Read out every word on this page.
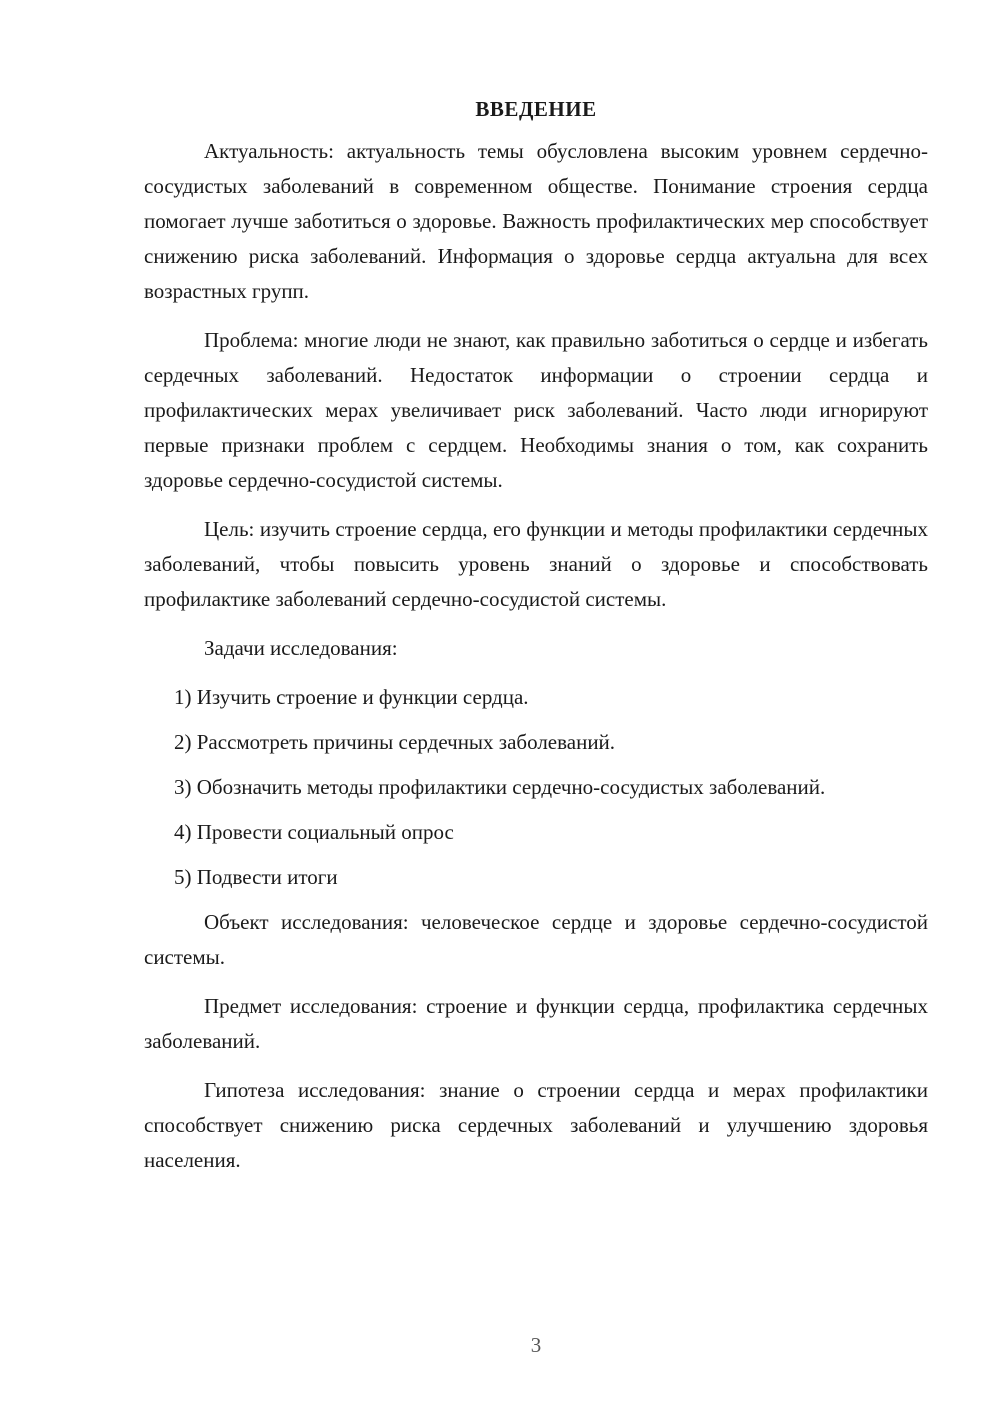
ВВЕДЕНИЕ

Актуальность: актуальность темы обусловлена высоким уровнем сердечно-сосудистых заболеваний в современном обществе. Понимание строения сердца помогает лучше заботиться о здоровье. Важность профилактических мер способствует снижению риска заболеваний. Информация о здоровье сердца актуальна для всех возрастных групп.

Проблема: многие люди не знают, как правильно заботиться о сердце и избегать сердечных заболеваний. Недостаток информации о строении сердца и профилактических мерах увеличивает риск заболеваний. Часто люди игнорируют первые признаки проблем с сердцем. Необходимы знания о том, как сохранить здоровье сердечно-сосудистой системы.

Цель: изучить строение сердца, его функции и методы профилактики сердечных заболеваний, чтобы повысить уровень знаний о здоровье и способствовать профилактике заболеваний сердечно-сосудистой системы.

Задачи исследования:

1) Изучить строение и функции сердца.

2) Рассмотреть причины сердечных заболеваний.

3) Обозначить методы профилактики сердечно-сосудистых заболеваний.

4) Провести социальный опрос

5) Подвести итоги

Объект исследования: человеческое сердце и здоровье сердечно-сосудистой системы.

Предмет исследования: строение и функции сердца, профилактика сердечных заболеваний.

Гипотеза исследования: знание о строении сердца и мерах профилактики способствует снижению риска сердечных заболеваний и улучшению здоровья населения.

3
